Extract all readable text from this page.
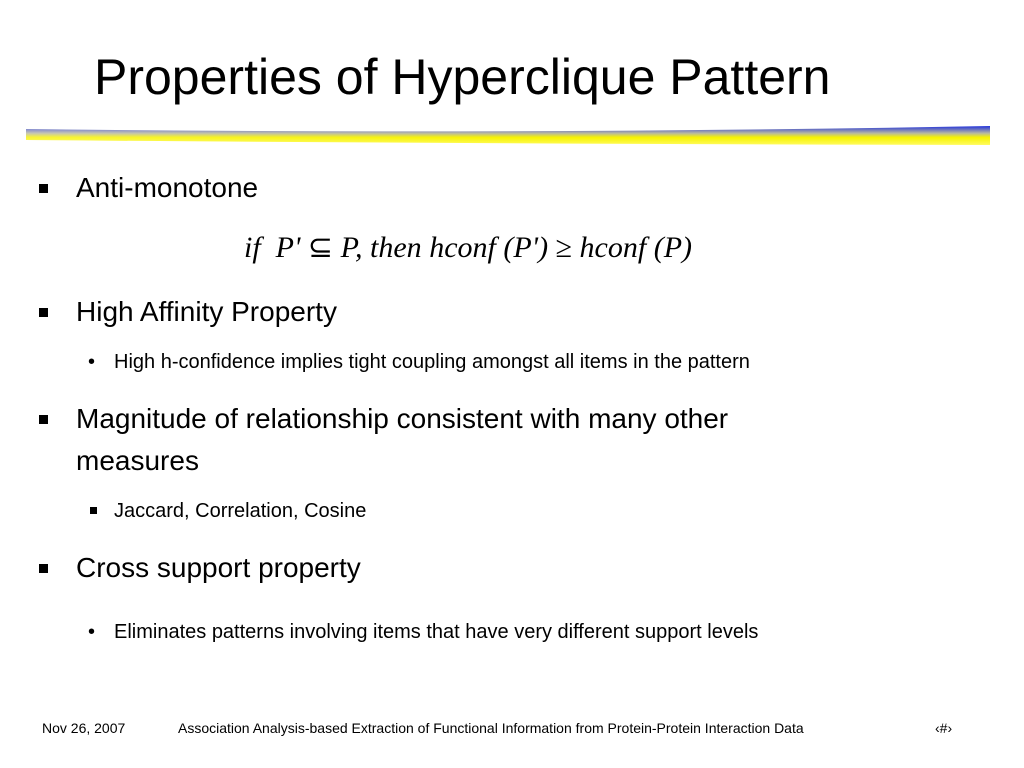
Properties of Hyperclique Pattern
Anti-monotone
if P' ⊆ P, then hconf (P') ≥ hconf (P)
High Affinity Property
• High h-confidence implies tight coupling amongst all items in the pattern
Magnitude of relationship consistent with many other
measures
Jaccard, Correlation, Cosine
Cross support property
• Eliminates patterns involving items that have very different support levels
Nov 26, 2007	Association Analysis-based Extraction of Functional Information from Protein-Protein Interaction Data	‹#›
